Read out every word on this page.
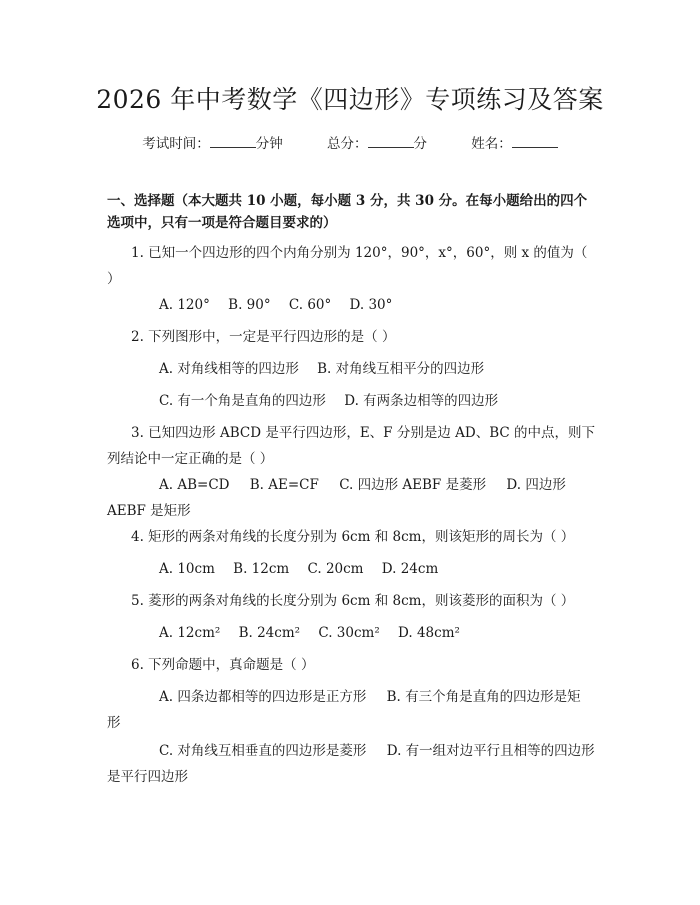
2026 年中考数学《四边形》专项练习及答案
考试时间：	分钟	总分：	分	姓名：
一、选择题（本大题共 10 小题，每小题 3 分，共 30 分。在每小题给出的四个选项中，只有一项是符合题目要求的）
1. 已知一个四边形的四个内角分别为 120°，90°，x°，60°，则 x 的值为（ ）
A. 120° B. 90° C. 60° D. 30°
2. 下列图形中，一定是平行四边形的是（ ）
A. 对角线相等的四边形 B. 对角线互相平分的四边形
C. 有一个角是直角的四边形 D. 有两条边相等的四边形
3. 已知四边形 ABCD 是平行四边形，E、F 分别是边 AD、BC 的中点，则下列结论中一定正确的是（ ）
A. AB=CD B. AE=CF C. 四边形 AEBF 是菱形 D. 四边形 AEBF 是矩形
4. 矩形的两条对角线的长度分别为 6cm 和 8cm，则该矩形的周长为（ ）
A. 10cm B. 12cm C. 20cm D. 24cm
5. 菱形的两条对角线的长度分别为 6cm 和 8cm，则该菱形的面积为（ ）
A. 12cm² B. 24cm² C. 30cm² D. 48cm²
6. 下列命题中，真命题是（ ）
A. 四条边都相等的四边形是正方形 B. 有三个角是直角的四边形是矩形
C. 对角线互相垂直的四边形是菱形 D. 有一组对边平行且相等的四边形是平行四边形
